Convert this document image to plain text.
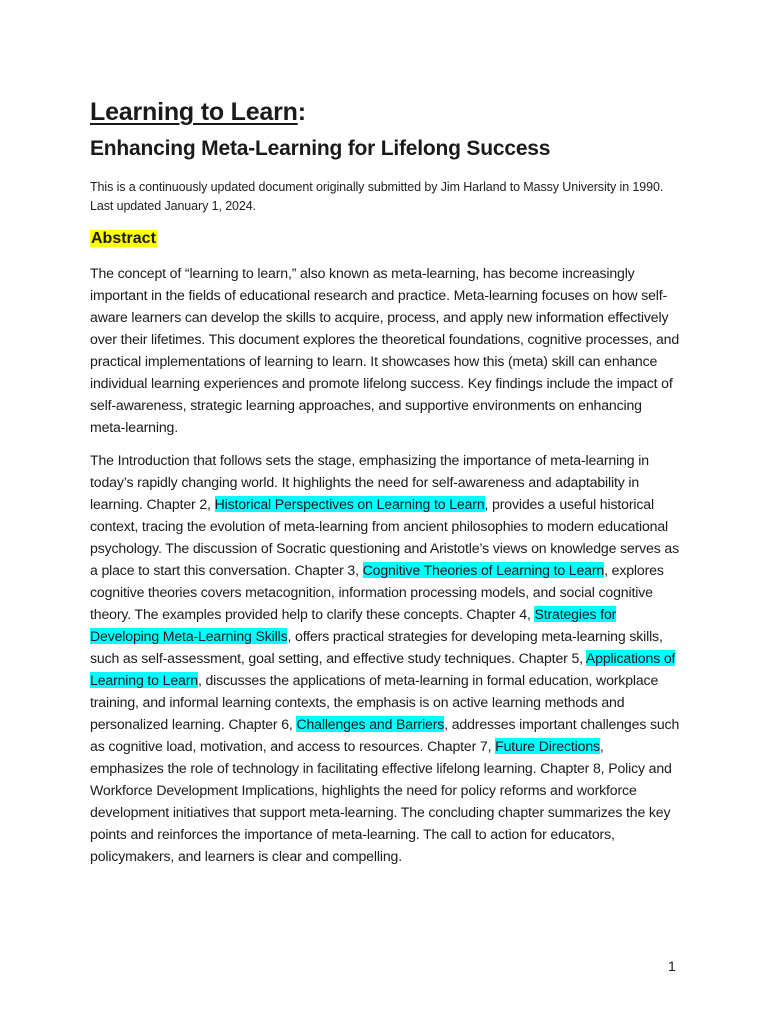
Learning to Learn:
Enhancing Meta-Learning for Lifelong Success

This is a continuously updated document originally submitted by Jim Harland to Massy University in 1990.
Last updated January 1, 2024.

Abstract

The concept of “learning to learn,” also known as meta-learning, has become increasingly important in the fields of educational research and practice. Meta-learning focuses on how self-aware learners can develop the skills to acquire, process, and apply new information effectively over their lifetimes. This document explores the theoretical foundations, cognitive processes, and practical implementations of learning to learn. It showcases how this (meta) skill can enhance individual learning experiences and promote lifelong success. Key findings include the impact of self-awareness, strategic learning approaches, and supportive environments on enhancing meta-learning.

The Introduction that follows sets the stage, emphasizing the importance of meta-learning in today’s rapidly changing world. It highlights the need for self-awareness and adaptability in learning. Chapter 2, Historical Perspectives on Learning to Learn, provides a useful historical context, tracing the evolution of meta-learning from ancient philosophies to modern educational psychology. The discussion of Socratic questioning and Aristotle’s views on knowledge serves as a place to start this conversation. Chapter 3, Cognitive Theories of Learning to Learn, explores cognitive theories covers metacognition, information processing models, and social cognitive theory. The examples provided help to clarify these concepts. Chapter 4, Strategies for Developing Meta-Learning Skills, offers practical strategies for developing meta-learning skills, such as self-assessment, goal setting, and effective study techniques. Chapter 5, Applications of Learning to Learn, discusses the applications of meta-learning in formal education, workplace training, and informal learning contexts, the emphasis is on active learning methods and personalized learning. Chapter 6, Challenges and Barriers, addresses important challenges such as cognitive load, motivation, and access to resources. Chapter 7, Future Directions, emphasizes the role of technology in facilitating effective lifelong learning. Chapter 8, Policy and Workforce Development Implications, highlights the need for policy reforms and workforce development initiatives that support meta-learning. The concluding chapter summarizes the key points and reinforces the importance of meta-learning. The call to action for educators, policymakers, and learners is clear and compelling.

1
